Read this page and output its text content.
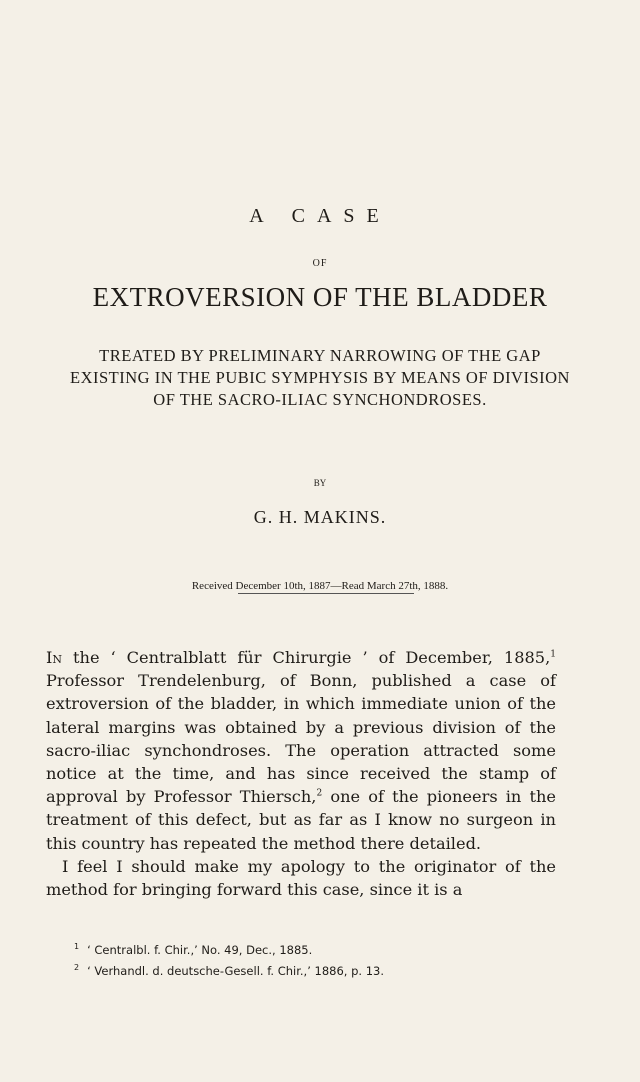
A CASE
OF
EXTROVERSION OF THE BLADDER
TREATED BY PRELIMINARY NARROWING OF THE GAP EXISTING IN THE PUBIC SYMPHYSIS BY MEANS OF DIVISION OF THE SACRO-ILIAC SYNCHONDROSES.
BY
G. H. MAKINS.
Received December 10th, 1887—Read March 27th, 1888.

In the ‘ Centralblatt für Chirurgie ’ of December, 1885,$^1$ Professor Trendelenburg, of Bonn, published a case of extroversion of the bladder, in which immediate union of the lateral margins was obtained by a previous division of the sacro-iliac synchondroses. The operation attracted some notice at the time, and has since received the stamp of approval by Professor Thiersch,$^2$ one of the pioneers in the treatment of this defect, but as far as I know no surgeon in this country has repeated the method there detailed.

I feel I should make my apology to the originator of the method for bringing forward this case, since it is a

$^1$ ‘ Centralbl. f. Chir.,’ No. 49, Dec., 1885.
$^2$ ‘ Verhandl. d. deutsche-Gesell. f. Chir.,’ 1886, p. 13.
